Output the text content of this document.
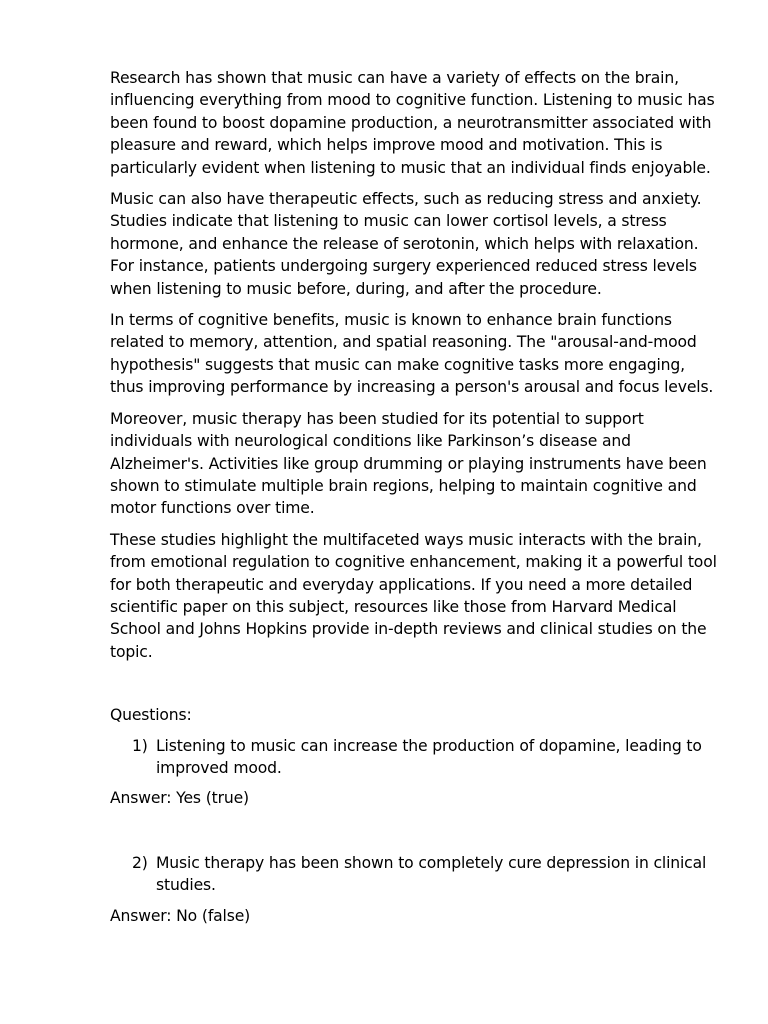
Research has shown that music can have a variety of effects on the brain, influencing everything from mood to cognitive function. Listening to music has been found to boost dopamine production, a neurotransmitter associated with pleasure and reward, which helps improve mood and motivation. This is particularly evident when listening to music that an individual finds enjoyable.

Music can also have therapeutic effects, such as reducing stress and anxiety. Studies indicate that listening to music can lower cortisol levels, a stress hormone, and enhance the release of serotonin, which helps with relaxation. For instance, patients undergoing surgery experienced reduced stress levels when listening to music before, during, and after the procedure.

In terms of cognitive benefits, music is known to enhance brain functions related to memory, attention, and spatial reasoning. The "arousal-and-mood hypothesis" suggests that music can make cognitive tasks more engaging, thus improving performance by increasing a person's arousal and focus levels.

Moreover, music therapy has been studied for its potential to support individuals with neurological conditions like Parkinson’s disease and Alzheimer's. Activities like group drumming or playing instruments have been shown to stimulate multiple brain regions, helping to maintain cognitive and motor functions over time.

These studies highlight the multifaceted ways music interacts with the brain, from emotional regulation to cognitive enhancement, making it a powerful tool for both therapeutic and everyday applications. If you need a more detailed scientific paper on this subject, resources like those from Harvard Medical School and Johns Hopkins provide in-depth reviews and clinical studies on the topic.

Questions:

1) Listening to music can increase the production of dopamine, leading to improved mood.

Answer: Yes (true)

2) Music therapy has been shown to completely cure depression in clinical studies.

Answer: No (false)
